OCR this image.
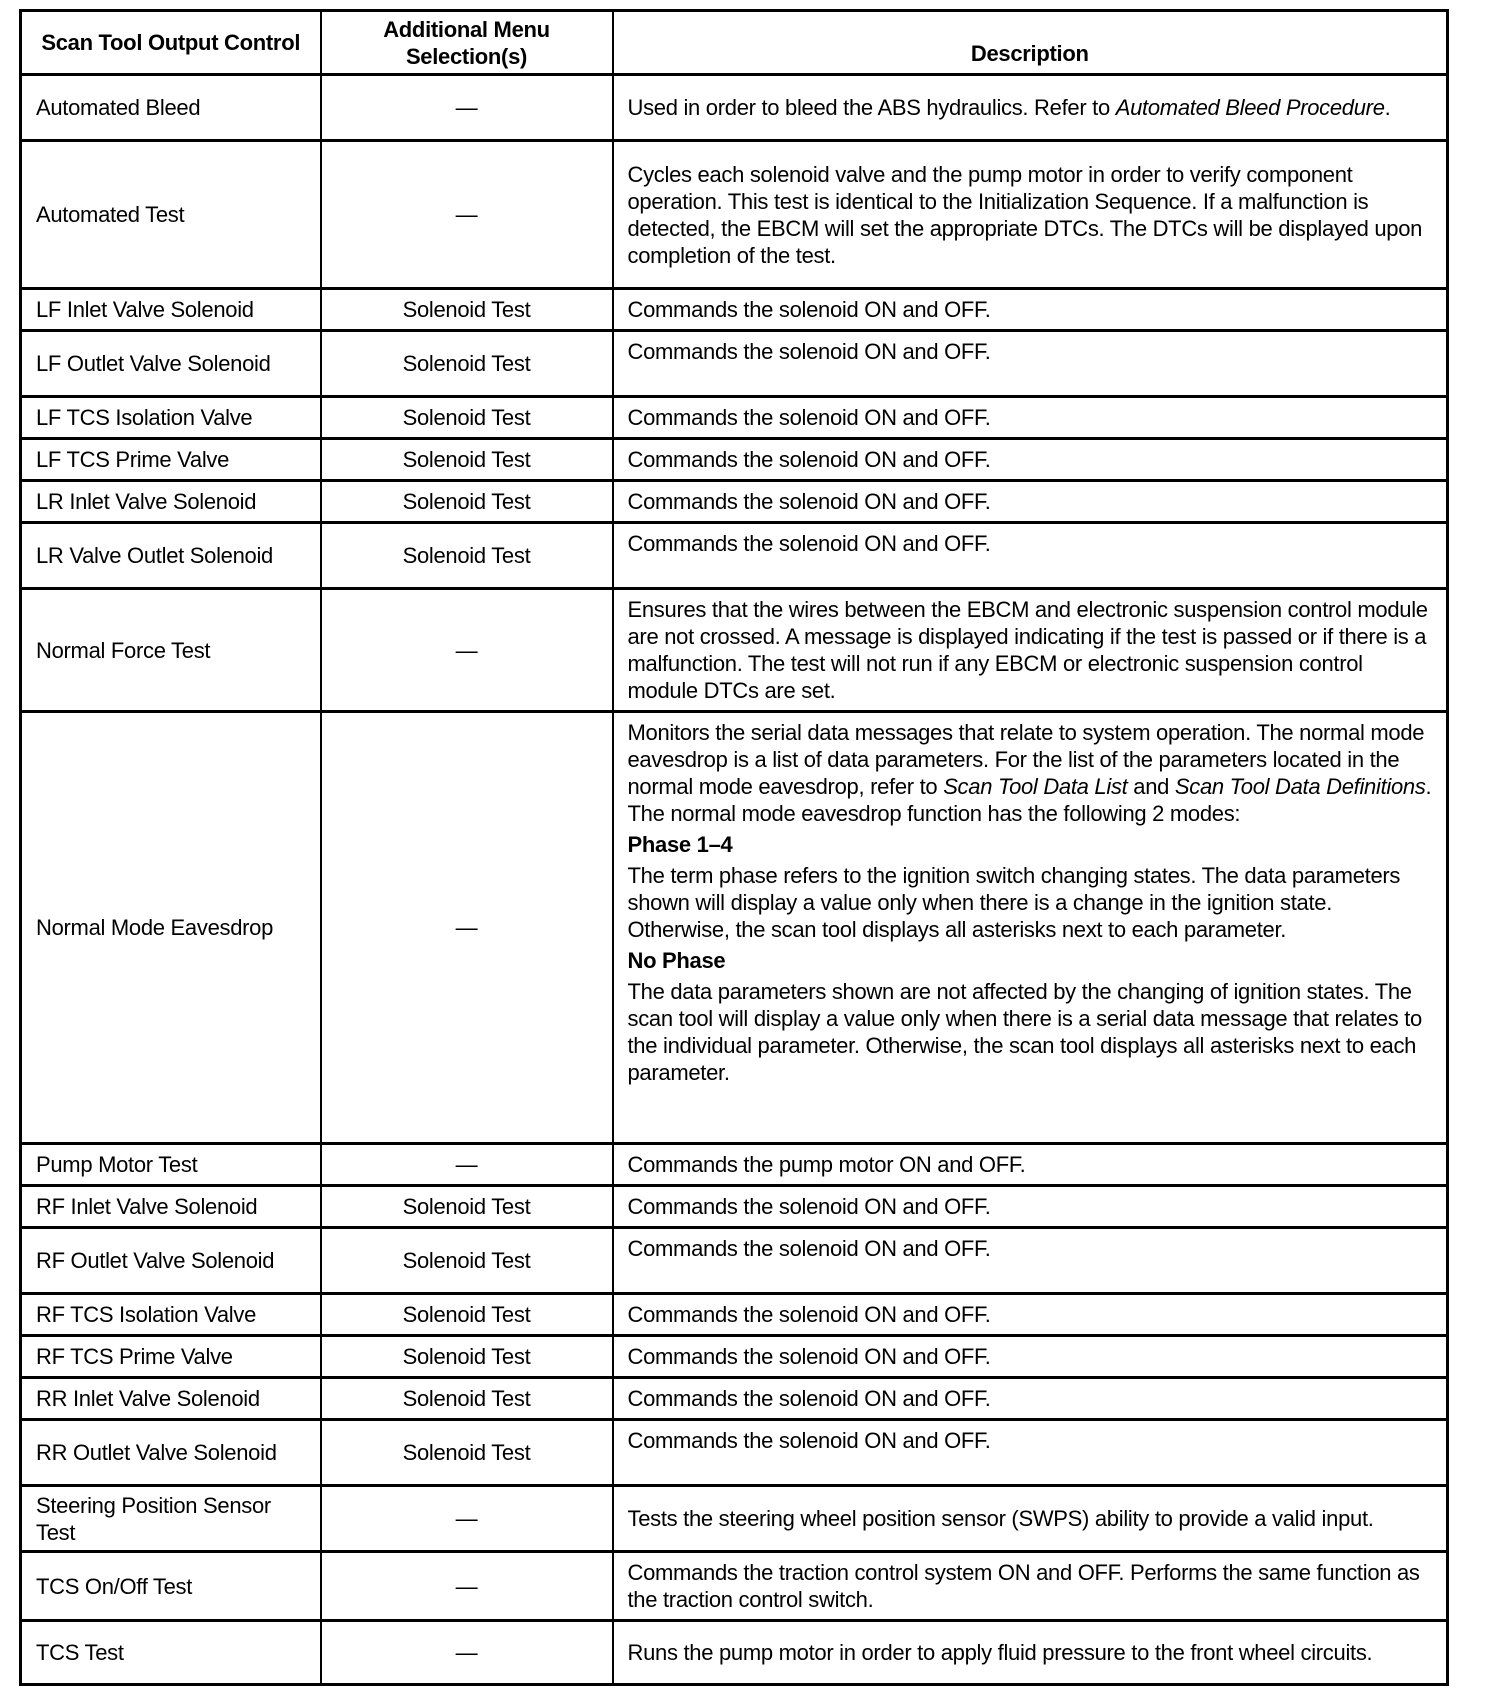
Scan Tool Output Control	Additional Menu Selection(s)	Description
Automated Bleed	—	Used in order to bleed the ABS hydraulics. Refer to Automated Bleed Procedure.

Automated Test	—	Cycles each solenoid valve and the pump motor in order to verify component operation. This test is identical to the Initialization Sequence. If a malfunction is detected, the EBCM will set the appropriate DTCs. The DTCs will be displayed upon completion of the test.

LF Inlet Valve Solenoid	Solenoid Test	Commands the solenoid ON and OFF.

LF Outlet Valve Solenoid	Solenoid Test	Commands the solenoid ON and OFF.

LF TCS Isolation Valve	Solenoid Test	Commands the solenoid ON and OFF.

LF TCS Prime Valve	Solenoid Test	Commands the solenoid ON and OFF.

LR Inlet Valve Solenoid	Solenoid Test	Commands the solenoid ON and OFF.

LR Valve Outlet Solenoid	Solenoid Test	Commands the solenoid ON and OFF.

Normal Force Test	—	Ensures that the wires between the EBCM and electronic suspension control module are not crossed. A message is displayed indicating if the test is passed or if there is a malfunction. The test will not run if any EBCM or electronic suspension control module DTCs are set.

Normal Mode Eavesdrop	—	Monitors the serial data messages that relate to system operation. The normal mode eavesdrop is a list of data parameters. For the list of the parameters located in the normal mode eavesdrop, refer to Scan Tool Data List and Scan Tool Data Definitions. The normal mode eavesdrop function has the following 2 modes:

Phase 1–4

The term phase refers to the ignition switch changing states. The data parameters shown will display a value only when there is a change in the ignition state. Otherwise, the scan tool displays all asterisks next to each parameter.

No Phase

The data parameters shown are not affected by the changing of ignition states. The scan tool will display a value only when there is a serial data message that relates to the individual parameter. Otherwise, the scan tool displays all asterisks next to each parameter.

Pump Motor Test	—	Commands the pump motor ON and OFF.

RF Inlet Valve Solenoid	Solenoid Test	Commands the solenoid ON and OFF.

RF Outlet Valve Solenoid	Solenoid Test	Commands the solenoid ON and OFF.

RF TCS Isolation Valve	Solenoid Test	Commands the solenoid ON and OFF.

RF TCS Prime Valve	Solenoid Test	Commands the solenoid ON and OFF.

RR Inlet Valve Solenoid	Solenoid Test	Commands the solenoid ON and OFF.

RR Outlet Valve Solenoid	Solenoid Test	Commands the solenoid ON and OFF.

Steering Position Sensor Test	—	Tests the steering wheel position sensor (SWPS) ability to provide a valid input.

TCS On/Off Test	—	Commands the traction control system ON and OFF. Performs the same function as the traction control switch.

TCS Test	—	Runs the pump motor in order to apply fluid pressure to the front wheel circuits.
